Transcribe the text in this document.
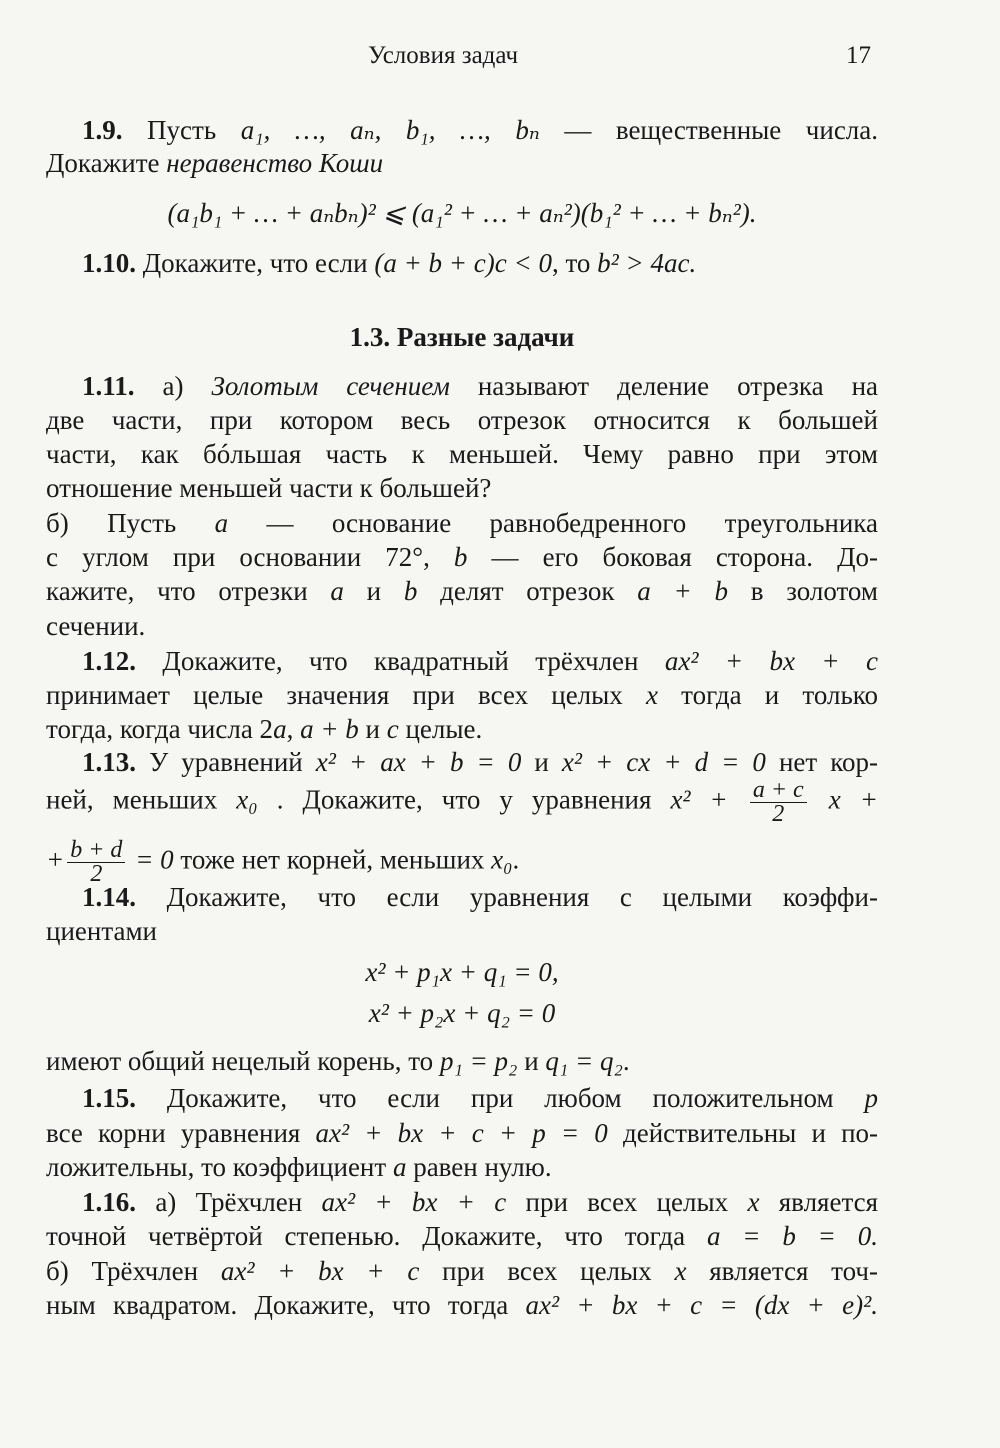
Условия задач	17
1.3. Разные задачи
1.9. Пусть a₁, …, aₙ, b₁, …, bₙ — вещественные числа.
Докажите неравенство Коши
(a₁b₁ + … + aₙbₙ)² ⩽ (a₁² + … + aₙ²)(b₁² + … + bₙ²).
1.10. Докажите, что если (a + b + c)c < 0, то b² > 4ac.
1.11. а) Золотым сечением называют деление отрезка на
две части, при котором весь отрезок относится к большей
части, как бóльшая часть к меньшей. Чему равно при этом
отношение меньшей части к большей?
б) Пусть a — основание равнобедренного треугольника
с углом при основании 72°, b — его боковая сторона. До-
кажите, что отрезки a и b делят отрезок a + b в золотом
сечении.
1.12. Докажите, что квадратный трёхчлен ax² + bx + c
принимает целые значения при всех целых x тогда и только
тогда, когда числа 2a, a + b и c целые.
1.13. У уравнений x² + ax + b = 0 и x² + cx + d = 0 нет кор-
ней, меньших x₀ . Докажите, что у уравнения $x^2 + \frac{a + c}{2}$ x +
+ $\frac{b + d}{2} = 0$ тоже нет корней, меньших x₀.
1.14. Докажите, что если уравнения с целыми коэффи-
циентами
x² + p₁x + q₁ = 0,
x² + p₂x + q₂ = 0
имеют общий нецелый корень, то p₁ = p₂ и q₁ = q₂.
1.15. Докажите, что если при любом положительном p
все корни уравнения ax² + bx + c + p = 0 действительны и по-
ложительны, то коэффициент a равен нулю.
1.16. а) Трёхчлен ax² + bx + c при всех целых x является
точной четвёртой степенью. Докажите, что тогда a = b = 0.
б) Трёхчлен ax² + bx + c при всех целых x является точ-
ным квадратом. Докажите, что тогда ax² + bx + c = (dx + e)².
